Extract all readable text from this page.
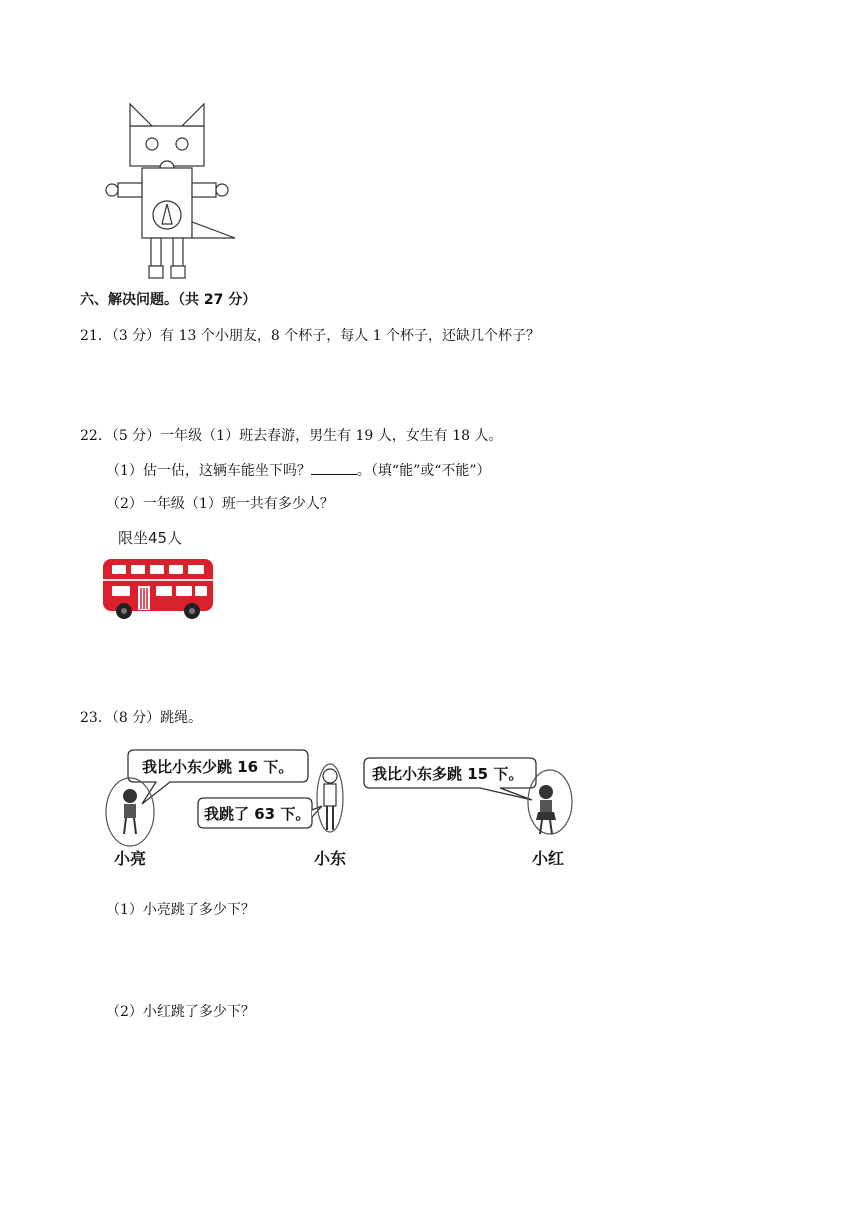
六、解决问题。（共 27 分）
21．（3 分）有 13 个小朋友，8 个杯子，每人 1 个杯子，还缺几个杯子？
22．（5 分）一年级（1）班去春游，男生有 19 人，女生有 18 人。
（1）估一估，这辆车能坐下吗？	。（填“能”或“不能”）
（2）一年级（1）班一共有多少人？
限坐45人
23．（8 分）跳绳。
我比小东少跳 16 下。
我跳了 63 下。
我比小东多跳 15 下。
小亮	小东	小红
（1）小亮跳了多少下？
（2）小红跳了多少下？
